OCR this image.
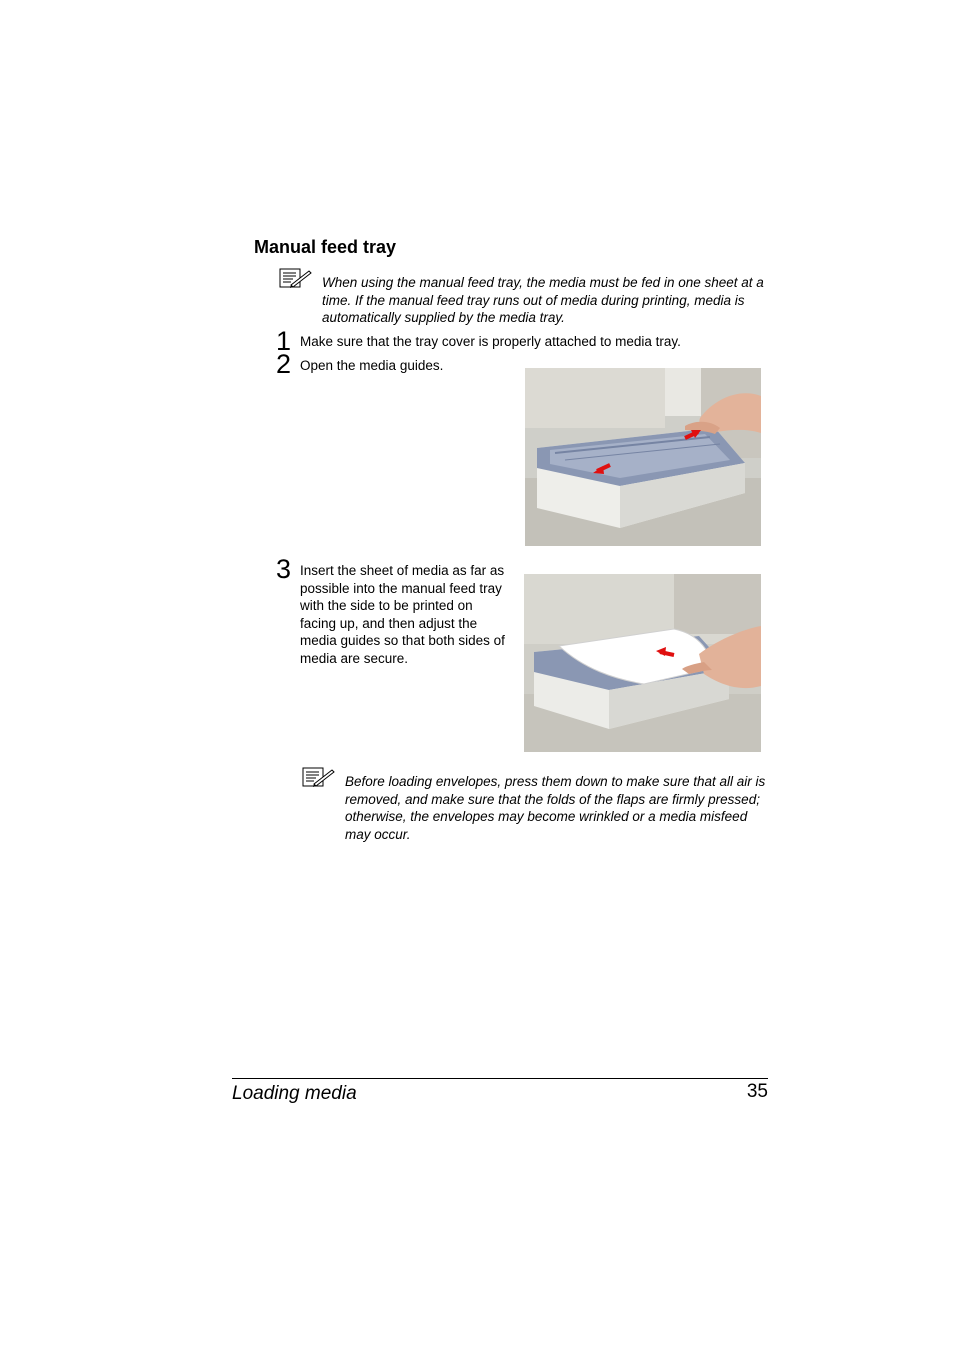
Manual feed tray
When using the manual feed tray, the media must be fed in one sheet at a time. If the manual feed tray runs out of media during printing, media is automatically supplied by the media tray.
1 Make sure that the tray cover is properly attached to media tray.
2 Open the media guides.
3 Insert the sheet of media as far as possible into the manual feed tray with the side to be printed on facing up, and then adjust the media guides so that both sides of media are secure.
Before loading envelopes, press them down to make sure that all air is removed, and make sure that the folds of the flaps are firmly pressed; otherwise, the envelopes may become wrinkled or a media misfeed may occur.
Loading media	35
